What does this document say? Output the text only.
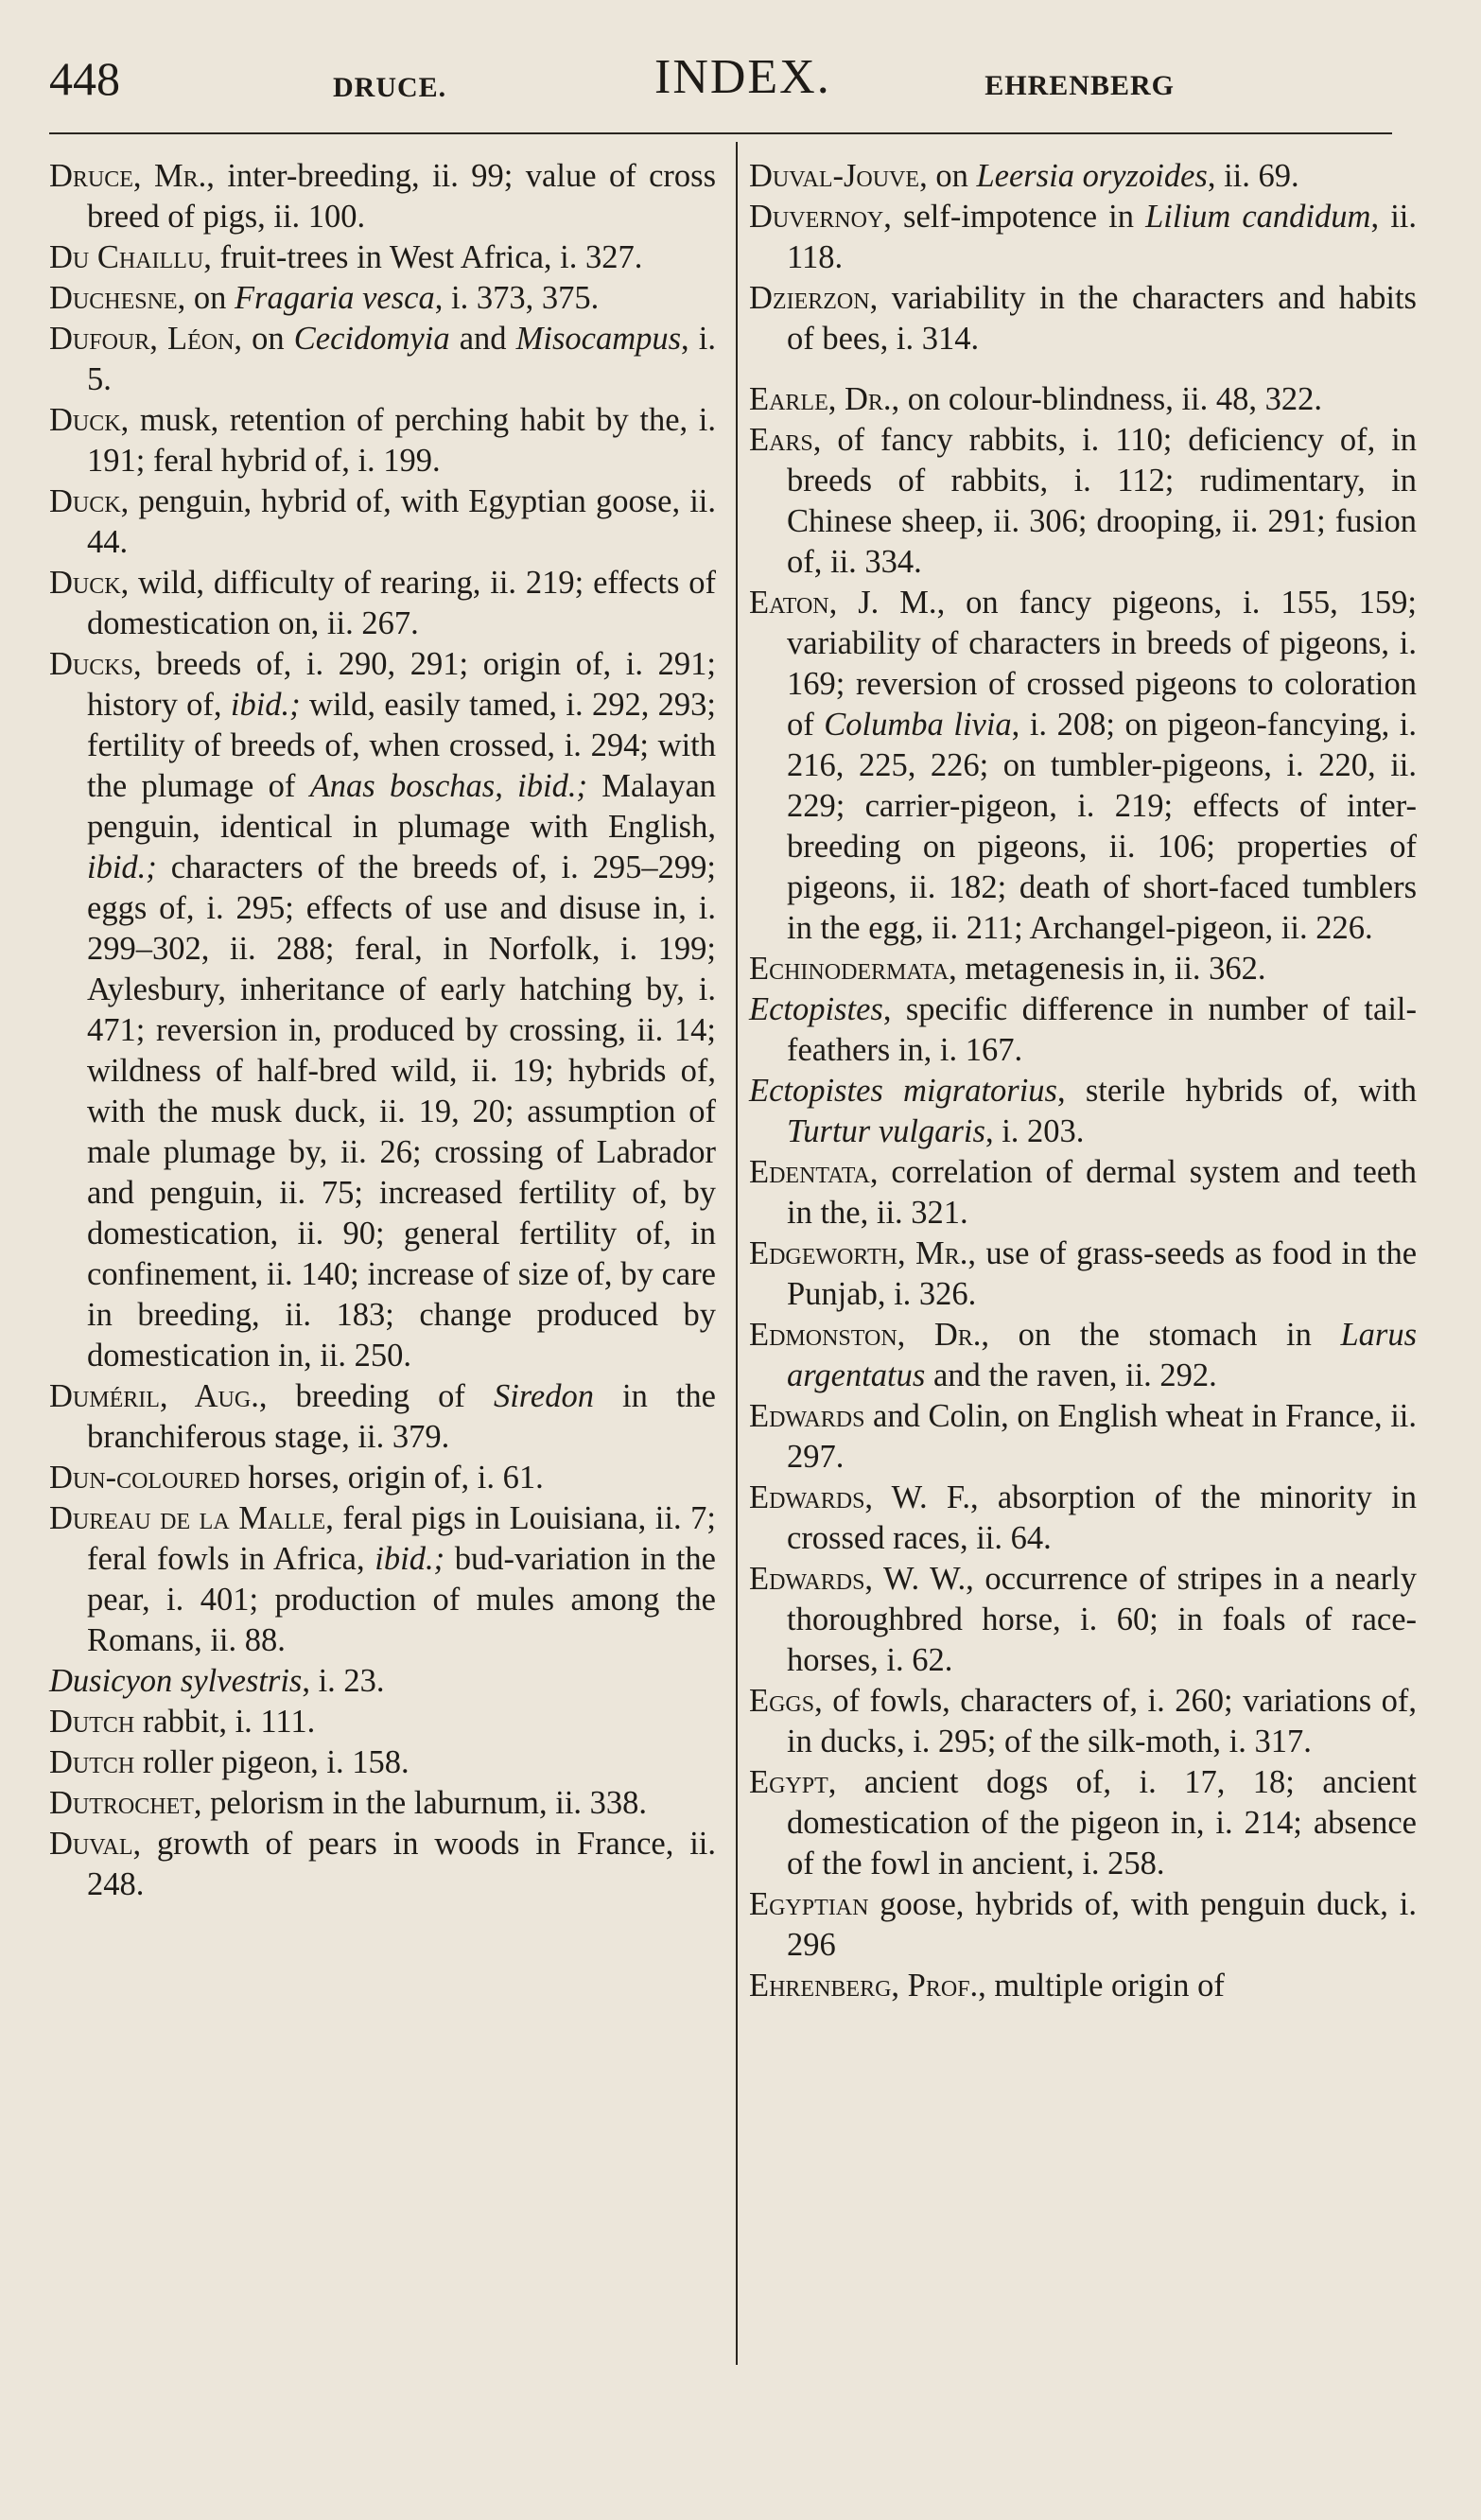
448	DRUCE.	INDEX.	EHRENBERG

Druce, Mr., inter-breeding, ii. 99; value of cross breed of pigs, ii. 100.

Du Chaillu, fruit-trees in West Africa, i. 327.

Duchesne, on Fragaria vesca, i. 373, 375.

Dufour, Léon, on Cecidomyia and Misocampus, i. 5.

Duck, musk, retention of perching habit by the, i. 191; feral hybrid of, i. 199.

Duck, penguin, hybrid of, with Egyptian goose, ii. 44.

Duck, wild, difficulty of rearing, ii. 219; effects of domestication on, ii. 267.

Ducks, breeds of, i. 290, 291; origin of, i. 291; history of, ibid.; wild, easily tamed, i. 292, 293; fertility of breeds of, when crossed, i. 294; with the plumage of Anas boschas, ibid.; Malayan penguin, identical in plumage with English, ibid.; characters of the breeds of, i. 295–299; eggs of, i. 295; effects of use and disuse in, i. 299–302, ii. 288; feral, in Norfolk, i. 199; Aylesbury, inheritance of early hatching by, i. 471; reversion in, produced by crossing, ii. 14; wildness of half-bred wild, ii. 19; hybrids of, with the musk duck, ii. 19, 20; assumption of male plumage by, ii. 26; crossing of Labrador and penguin, ii. 75; increased fertility of, by domestication, ii. 90; general fertility of, in confinement, ii. 140; increase of size of, by care in breeding, ii. 183; change produced by domestication in, ii. 250.

Duméril, Aug., breeding of Siredon in the branchiferous stage, ii. 379.

Dun-coloured horses, origin of, i. 61.

Dureau de la Malle, feral pigs in Louisiana, ii. 7; feral fowls in Africa, ibid.; bud-variation in the pear, i. 401; production of mules among the Romans, ii. 88.

Dusicyon sylvestris, i. 23.

Dutch rabbit, i. 111.

Dutch roller pigeon, i. 158.

Dutrochet, pelorism in the laburnum, ii. 338.

Duval, growth of pears in woods in France, ii. 248.

Duval-Jouve, on Leersia oryzoides, ii. 69.

Duvernoy, self-impotence in Lilium candidum, ii. 118.

Dzierzon, variability in the characters and habits of bees, i. 314.

Earle, Dr., on colour-blindness, ii. 48, 322.

Ears, of fancy rabbits, i. 110; deficiency of, in breeds of rabbits, i. 112; rudimentary, in Chinese sheep, ii. 306; drooping, ii. 291; fusion of, ii. 334.

Eaton, J. M., on fancy pigeons, i. 155, 159; variability of characters in breeds of pigeons, i. 169; reversion of crossed pigeons to coloration of Columba livia, i. 208; on pigeon-fancying, i. 216, 225, 226; on tumbler-pigeons, i. 220, ii. 229; carrier-pigeon, i. 219; effects of inter-breeding on pigeons, ii. 106; properties of pigeons, ii. 182; death of short-faced tumblers in the egg, ii. 211; Archangel-pigeon, ii. 226.

Echinodermata, metagenesis in, ii. 362.

Ectopistes, specific difference in number of tail-feathers in, i. 167.

Ectopistes migratorius, sterile hybrids of, with Turtur vulgaris, i. 203.

Edentata, correlation of dermal system and teeth in the, ii. 321.

Edgeworth, Mr., use of grass-seeds as food in the Punjab, i. 326.

Edmonston, Dr., on the stomach in Larus argentatus and the raven, ii. 292.

Edwards and Colin, on English wheat in France, ii. 297.

Edwards, W. F., absorption of the minority in crossed races, ii. 64.

Edwards, W. W., occurrence of stripes in a nearly thoroughbred horse, i. 60; in foals of race-horses, i. 62.

Eggs, of fowls, characters of, i. 260; variations of, in ducks, i. 295; of the silk-moth, i. 317.

Egypt, ancient dogs of, i. 17, 18; ancient domestication of the pigeon in, i. 214; absence of the fowl in ancient, i. 258.

Egyptian goose, hybrids of, with penguin duck, i. 296

Ehrenberg, Prof., multiple origin of
